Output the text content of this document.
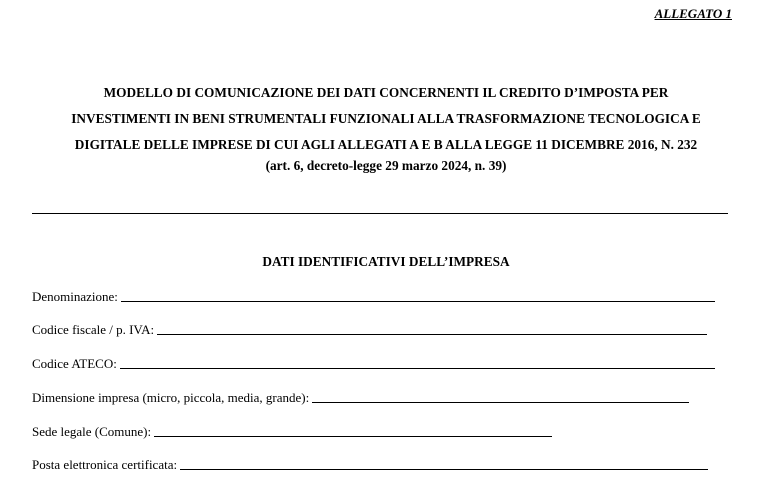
ALLEGATO 1
MODELLO DI COMUNICAZIONE DEI DATI CONCERNENTI IL CREDITO D’IMPOSTA PER
INVESTIMENTI IN BENI STRUMENTALI FUNZIONALI ALLA TRASFORMAZIONE TECNOLOGICA E
DIGITALE DELLE IMPRESE DI CUI AGLI ALLEGATI A E B ALLA LEGGE 11 DICEMBRE 2016, N. 232
(art. 6, decreto-legge 29 marzo 2024, n. 39)
DATI IDENTIFICATIVI DELL’IMPRESA
Denominazione:
Codice fiscale / p. IVA:
Codice ATECO:
Dimensione impresa (micro, piccola, media, grande):
Sede legale (Comune):
Posta elettronica certificata:
